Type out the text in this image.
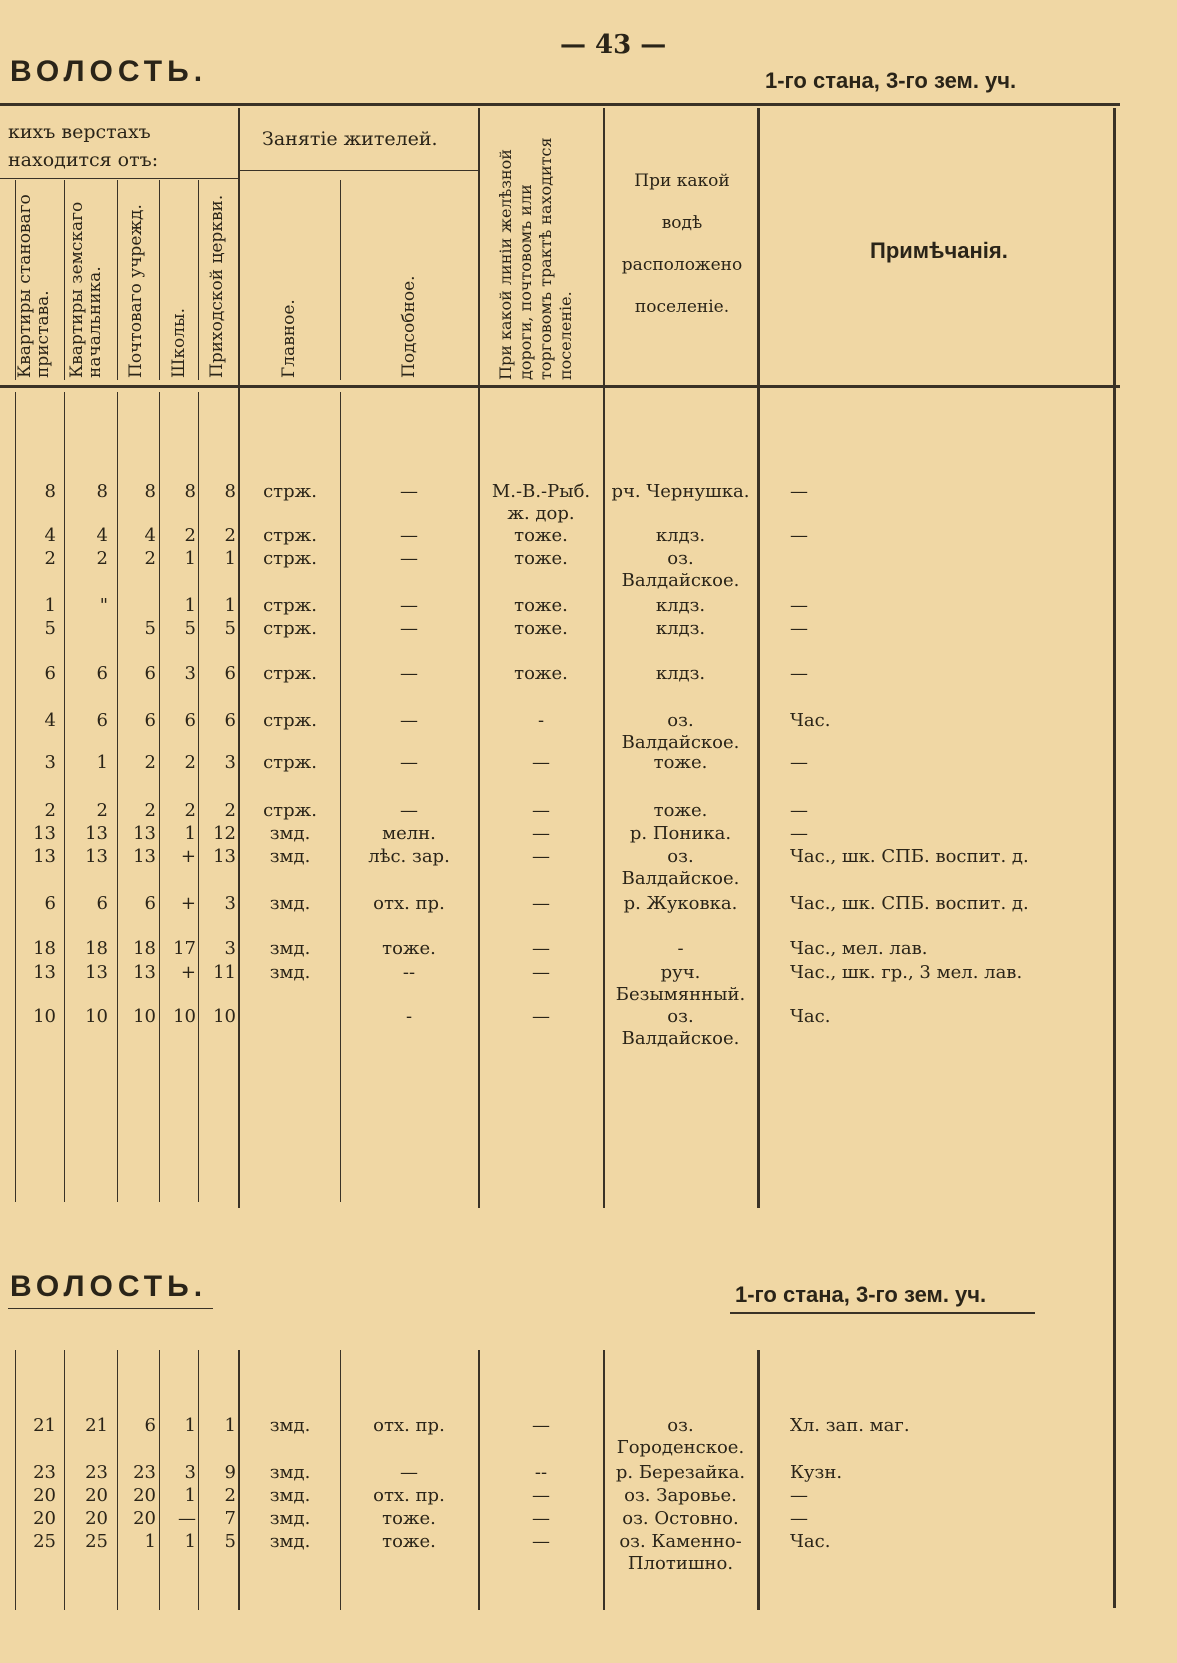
— 43 —
ВОЛОСТЬ.	1-го стана, 3-го зем. уч.
кихъ верстахъ находится отъ:
Занятіе жителей.
Квартиры становаго пристава. Квартиры земскаго начальника. Почтоваго учрежд. Школы. Приходской церкви.	Главное.	Подсобное.	При какой линіи желѣзной дороги, почтовомъ или торговомъ трактѣ находится поселеніе.
При какой водѣ расположено поселеніе.
Примѣчанія.
8	8	8	8	8	стрж.	—	М.-В.-Рыб. ж. дор.
рч. Чернушка. —
4	4	4	2	2	стрж.	—	тоже.	клдз.	—
2	2	2	1	1	стрж.	—	тоже.	оз. Валдайское.
1	"	1	1	стрж.	—	тоже.	клдз.	—
5	5	5	5	стрж.	—	тоже.	клдз.	—
6	6	6	3	6	стрж.	—	тоже.	клдз.	—
4	6	6	6	6	стрж.	—	-	оз. Валдайское.
Час.
3	1	2	2	3	стрж.	—	—	тоже.	—
2	2	2	2	2	стрж.	—	—	тоже.	—
13	13	13	1 12	змд.	мелн.	—	р. Поника.	—
13	13	13	+ 13	змд.	лѣс. зар.	—	оз. Валдайское.
Час., шк. СПБ. воспит. д.
6	6	6	+	3	змд.	отх. пр.	—	р. Жуковка.	Час., шк. СПБ. воспит. д.
18	18	18 17	3	змд.	тоже.	—	-	Час., мел. лав.
13	13	13	+ 11	змд.	--	—	руч. Безымянный.
Час., шк. гр., 3 мел. лав.
10	10	10 10 10	-	—	оз. Валдайское.
Час.
ВОЛОСТЬ.	1-го стана, 3-го зем. уч.
21	21	6	1	1	змд.	отх. пр.	—	оз. Городенское.
Хл. зап. маг.
23	23	23	3	9	змд.	—	--	р. Березайка.	Кузн.
20	20	20	1	2	змд.	отх. пр.	—	оз. Заровье.	—
20	20	20	—	7	змд.	тоже.	—	оз. Остовно.	—
25	25	1	1	5	змд.	тоже.	—	оз. Каменно-Плотишно.
Час.
